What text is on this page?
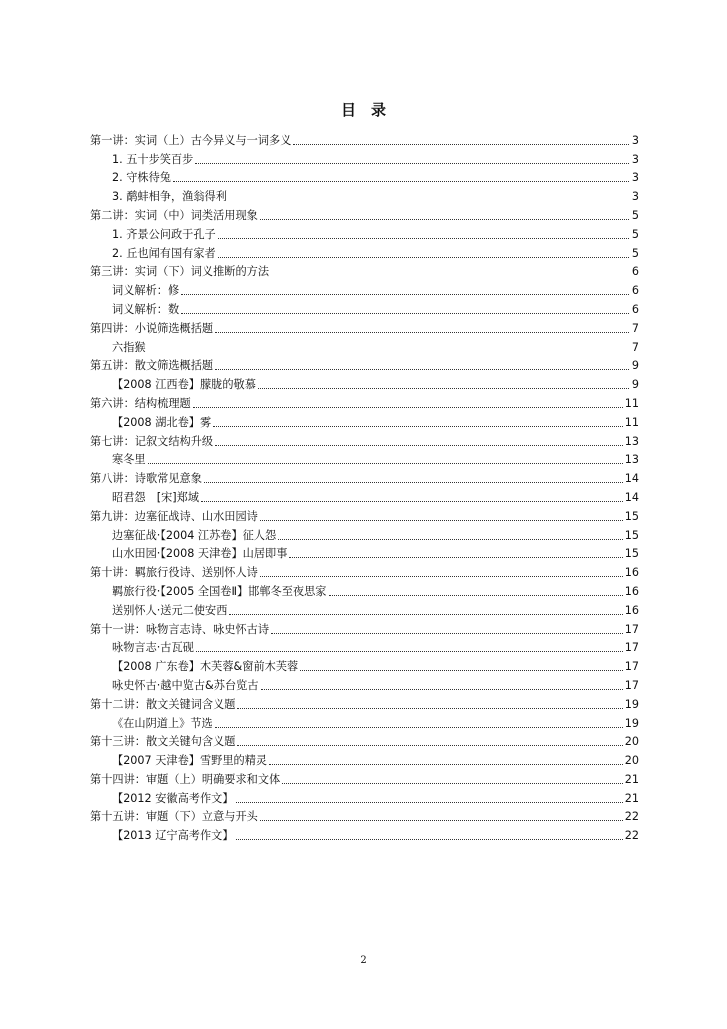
目　录
第一讲：实词（上）古今异义与一词多义	3
1. 五十步笑百步	3
2. 守株待兔	3
3. 鹬蚌相争，渔翁得利	3
第二讲：实词（中）词类活用现象	5
1. 齐景公问政于孔子	5
2. 丘也闻有国有家者	5
第三讲：实词（下）词义推断的方法	6
词义解析：修	6
词义解析：数	6
第四讲：小说筛选概括题	7
六指猴	7
第五讲：散文筛选概括题	9
【2008 江西卷】朦胧的敬慕	9
第六讲：结构梳理题	11
【2008 湖北卷】雾	11
第七讲：记叙文结构升级	13
寒冬里	13
第八讲：诗歌常见意象	14
昭君怨　[宋]郑域	14
第九讲：边塞征战诗、山水田园诗	15
边塞征战·【2004 江苏卷】征人怨	15
山水田园·【2008 天津卷】山居即事	15
第十讲：羁旅行役诗、送别怀人诗	16
羁旅行役·【2005 全国卷Ⅱ】邯郸冬至夜思家	16
送别怀人·送元二使安西	16
第十一讲：咏物言志诗、咏史怀古诗	17
咏物言志·古瓦砚	17
【2008 广东卷】木芙蓉&窗前木芙蓉	17
咏史怀古·越中览古&苏台览古	17
第十二讲：散文关键词含义题	19
《在山阴道上》节选	19
第十三讲：散文关键句含义题	20
【2007 天津卷】雪野里的精灵	20
第十四讲：审题（上）明确要求和文体	21
【2012 安徽高考作文】	21
第十五讲：审题（下）立意与开头	22
【2013 辽宁高考作文】	22
2
